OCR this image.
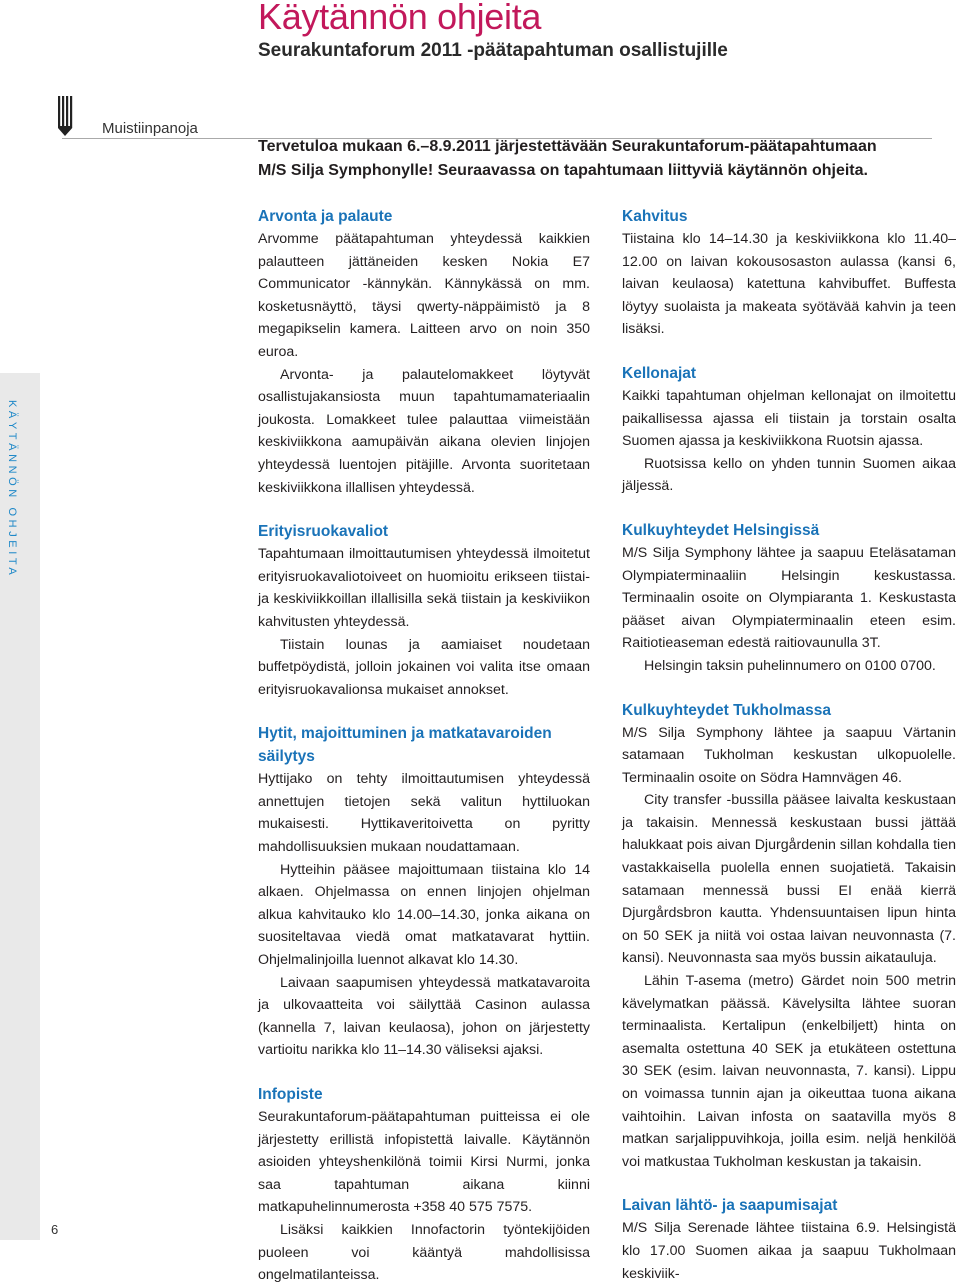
Käytännön ohjeita
Seurakuntaforum 2011 -päätapahtuman osallistujille
Muistiinpanoja
Tervetuloa mukaan 6.–8.9.2011 järjestettävään Seurakuntaforum-päätapahtumaan
M/S Silja Symphonylle! Seuraavassa on tapahtumaan liittyviä käytännön ohjeita.
KÄYTÄNNÖN OHJEITA
6
Arvonta ja palaute

Arvomme päätapahtuman yhteydessä kaikkien palautteen jättäneiden kesken Nokia E7 Communicator -kännykän. Kännykässä on mm. kosketusnäyttö, täysi qwerty-näppäimistö ja 8 megapikselin kamera. Laitteen arvo on noin 350 euroa.

Arvonta- ja palautelomakkeet löytyvät osallistujakansiosta muun tapahtumamateriaalin joukosta. Lomakkeet tulee palauttaa viimeistään keskiviikkona aamupäivän aikana olevien linjojen yhteydessä luentojen pitäjille. Arvonta suoritetaan keskiviikkona illallisen yhteydessä.

Erityisruokavaliot

Tapahtumaan ilmoittautumisen yhteydessä ilmoitetut erityisruokavaliotoiveet on huomioitu erikseen tiistai- ja keskiviikkoillan illallisilla sekä tiistain ja keskiviikon kahvitusten yhteydessä.

Tiistain lounas ja aamiaiset noudetaan buffetpöydistä, jolloin jokainen voi valita itse omaan erityisruokavalionsa mukaiset annokset.

Hytit, majoittuminen ja matkatavaroiden säilytys

Hyttijako on tehty ilmoittautumisen yhteydessä annettujen tietojen sekä valitun hyttiluokan mukaisesti. Hyttikaveritoivetta on pyritty mahdollisuuksien mukaan noudattamaan.

Hytteihin pääsee majoittumaan tiistaina klo 14 alkaen. Ohjelmassa on ennen linjojen ohjelman alkua kahvitauko klo 14.00–14.30, jonka aikana on suositeltavaa viedä omat matkatavarat hyttiin. Ohjelmalinjoilla luennot alkavat klo 14.30.

Laivaan saapumisen yhteydessä matkatavaroita ja ulkovaatteita voi säilyttää Casinon aulassa (kannella 7, laivan keulaosa), johon on järjestetty vartioitu narikka klo 11–14.30 väliseksi ajaksi.

Infopiste

Seurakuntaforum-päätapahtuman puitteissa ei ole järjestetty erillistä infopistettä laivalle. Käytännön asioiden yhteyshenkilönä toimii Kirsi Nurmi, jonka saa tapahtuman aikana kiinni matkapuhelinnumerosta +358 40 575 7575.

Lisäksi kaikkien Innofactorin työntekijöiden puoleen voi kääntyä mahdollisissa ongelmatilanteissa.

Kahvitus

Tiistaina klo 14–14.30 ja keskiviikkona klo 11.40–12.00 on laivan kokousosaston aulassa (kansi 6, laivan keulaosa) katettuna kahvibuffet. Buffesta löytyy suolaista ja makeata syötävää kahvin ja teen lisäksi.

Kellonajat

Kaikki tapahtuman ohjelman kellonajat on ilmoitettu paikallisessa ajassa eli tiistain ja torstain osalta Suomen ajassa ja keskiviikkona Ruotsin ajassa.

Ruotsissa kello on yhden tunnin Suomen aikaa jäljessä.

Kulkuyhteydet Helsingissä

M/S Silja Symphony lähtee ja saapuu Eteläsataman Olympiaterminaaliin Helsingin keskustassa. Terminaalin osoite on Olympiaranta 1. Keskustasta pääset aivan Olympiaterminaalin eteen esim. Raitiotieaseman edestä raitiovaunulla 3T.

Helsingin taksin puhelinnumero on 0100 0700.

Kulkuyhteydet Tukholmassa

M/S Silja Symphony lähtee ja saapuu Värtanin satamaan Tukholman keskustan ulkopuolelle. Terminaalin osoite on Södra Hamnvägen 46.

City transfer -bussilla pääsee laivalta keskustaan ja takaisin. Mennessä keskustaan bussi jättää halukkaat pois aivan Djurgårdenin sillan kohdalla tien vastakkaisella puolella ennen suojatietä. Takaisin satamaan mennessä bussi EI enää kierrä Djurgårdsbron kautta. Yhdensuuntaisen lipun hinta on 50 SEK ja niitä voi ostaa laivan neuvonnasta (7. kansi). Neuvonnasta saa myös bussin aikatauluja.

Lähin T-asema (metro) Gärdet noin 500 metrin kävelymatkan päässä. Kävelysilta lähtee suoran terminaalista. Kertalipun (enkelbiljett) hinta on asemalta ostettuna 40 SEK ja etukäteen ostettuna 30 SEK (esim. laivan neuvonnasta, 7. kansi). Lippu on voimassa tunnin ajan ja oikeuttaa tuona aikana vaihtoihin. Laivan infosta on saatavilla myös 8 matkan sarjalippuvihkoja, joilla esim. neljä henkilöä voi matkustaa Tukholman keskustan ja takaisin.

Laivan lähtö- ja saapumisajat

M/S Silja Serenade lähtee tiistaina 6.9. Helsingistä klo 17.00 Suomen aikaa ja saapuu Tukholmaan keskiviik-
